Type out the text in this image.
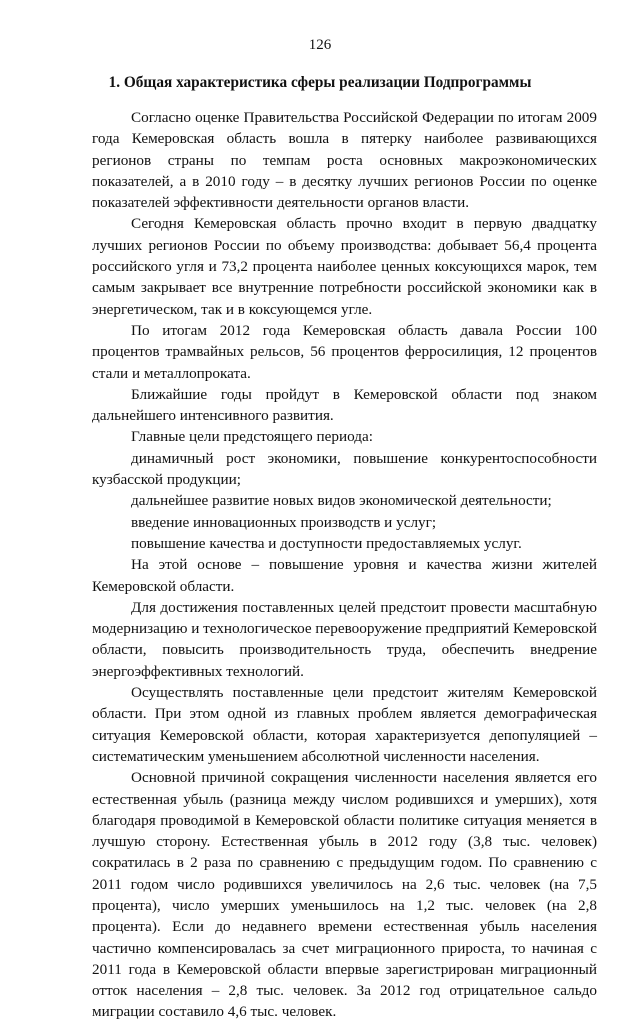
126
1. Общая характеристика сферы реализации Подпрограммы

Согласно оценке Правительства Российской Федерации по итогам 2009 года Кемеровская область вошла в пятерку наиболее развивающихся регионов страны по темпам роста основных макроэкономических показателей, а в 2010 году – в десятку лучших регионов России по оценке показателей эффективности деятельности органов власти.

Сегодня Кемеровская область прочно входит в первую двадцатку лучших регионов России по объему производства: добывает 56,4 процента российского угля и 73,2 процента наиболее ценных коксующихся марок, тем самым закрывает все внутренние потребности российской экономики как в энергетическом, так и в коксующемся угле.

По итогам 2012 года Кемеровская область давала России 100 процентов трамвайных рельсов, 56 процентов ферросилиция, 12 процентов стали и металлопроката.

Ближайшие годы пройдут в Кемеровской области под знаком дальнейшего интенсивного развития.

Главные цели предстоящего периода:

динамичный рост экономики, повышение конкурентоспособности кузбасской продукции;

дальнейшее развитие новых видов экономической деятельности;

введение инновационных производств и услуг;

повышение качества и доступности предоставляемых услуг.

На этой основе – повышение уровня и качества жизни жителей Кемеровской области.

Для достижения поставленных целей предстоит провести масштабную модернизацию и технологическое перевооружение предприятий Кемеровской области, повысить производительность труда, обеспечить внедрение энергоэффективных технологий.

Осуществлять поставленные цели предстоит жителям Кемеровской области. При этом одной из главных проблем является демографическая ситуация Кемеровской области, которая характеризуется депопуляцией – систематическим уменьшением абсолютной численности населения.

Основной причиной сокращения численности населения является его естественная убыль (разница между числом родившихся и умерших), хотя благодаря проводимой в Кемеровской области политике ситуация меняется в лучшую сторону. Естественная убыль в 2012 году (3,8 тыс. человек) сократилась в 2 раза по сравнению с предыдущим годом. По сравнению с 2011 годом число родившихся увеличилось на 2,6 тыс. человек (на 7,5 процента), число умерших уменьшилось на 1,2 тыс. человек (на 2,8 процента). Если до недавнего времени естественная убыль населения частично компенсировалась за счет миграционного прироста, то начиная с 2011 года в Кемеровской области впервые зарегистрирован миграционный отток населения – 2,8 тыс. человек. За 2012 год отрицательное сальдо миграции составило 4,6 тыс. человек.
